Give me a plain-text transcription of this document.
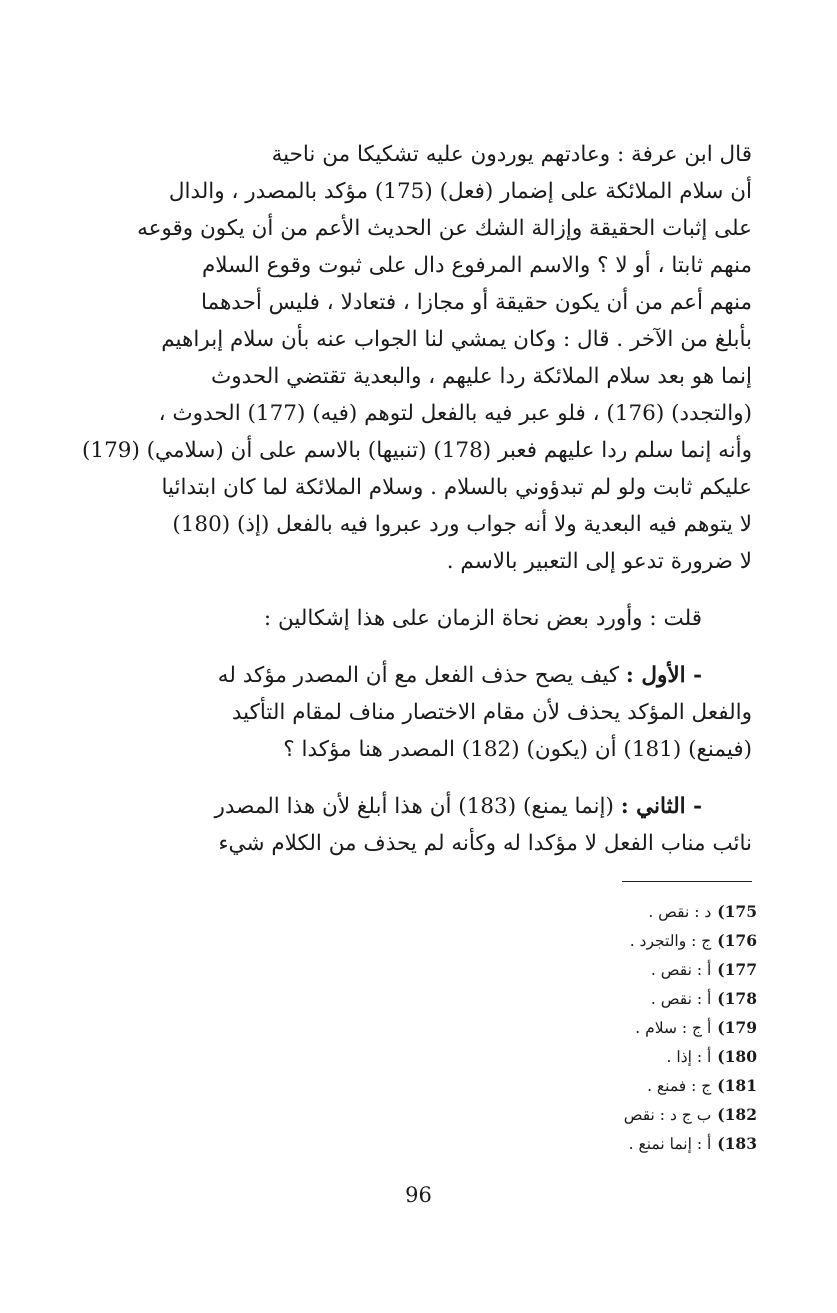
قال ابن عرفة : وعادتهم يوردون عليه تشكيكا من ناحية
أن سلام الملائكة على إضمار (فعل) (175) مؤكد بالمصدر ، والدال
على إثبات الحقيقة وإزالة الشك عن الحديث الأعم من أن يكون وقوعه
منهم ثابتا ، أو لا ؟ والاسم المرفوع دال على ثبوت وقوع السلام
منهم أعم من أن يكون حقيقة أو مجازا ، فتعادلا ، فليس أحدهما
بأبلغ من الآخر . قال : وكان يمشي لنا الجواب عنه بأن سلام إبراهيم
إنما هو بعد سلام الملائكة ردا عليهم ، والبعدية تقتضي الحدوث
(والتجدد) (176) ، فلو عبر فيه بالفعل لتوهم (فيه) (177) الحدوث ،
وأنه إنما سلم ردا عليهم فعبر (178) (تنبيها) بالاسم على أن (سلامي) (179)
عليكم ثابت ولو لم تبدؤوني بالسلام . وسلام الملائكة لما كان ابتدائيا
لا يتوهم فيه البعدية ولا أنه جواب ورد عبروا فيه بالفعل (إذ) (180)
لا ضرورة تدعو إلى التعبير بالاسم .
قلت : وأورد بعض نحاة الزمان على هذا إشكالين :
- الأول : كيف يصح حذف الفعل مع أن المصدر مؤكد له
والفعل المؤكد يحذف لأن مقام الاختصار مناف لمقام التأكيد
(فيمنع) (181) أن (يكون) (182) المصدر هنا مؤكدا ؟
- الثاني : (إنما يمنع) (183) أن هذا أبلغ لأن هذا المصدر
نائب مناب الفعل لا مؤكدا له وكأنه لم يحذف من الكلام شيء
175)د : نقص .
176)ج : والتجرد .
177)أ : نقص .
178)أ : نقص .
179)أ ج : سلام .
180)أ : إذا .
181)ج : فمنع .
182)ب ج د : نقص
183)أ : إنما نمنع .
96
